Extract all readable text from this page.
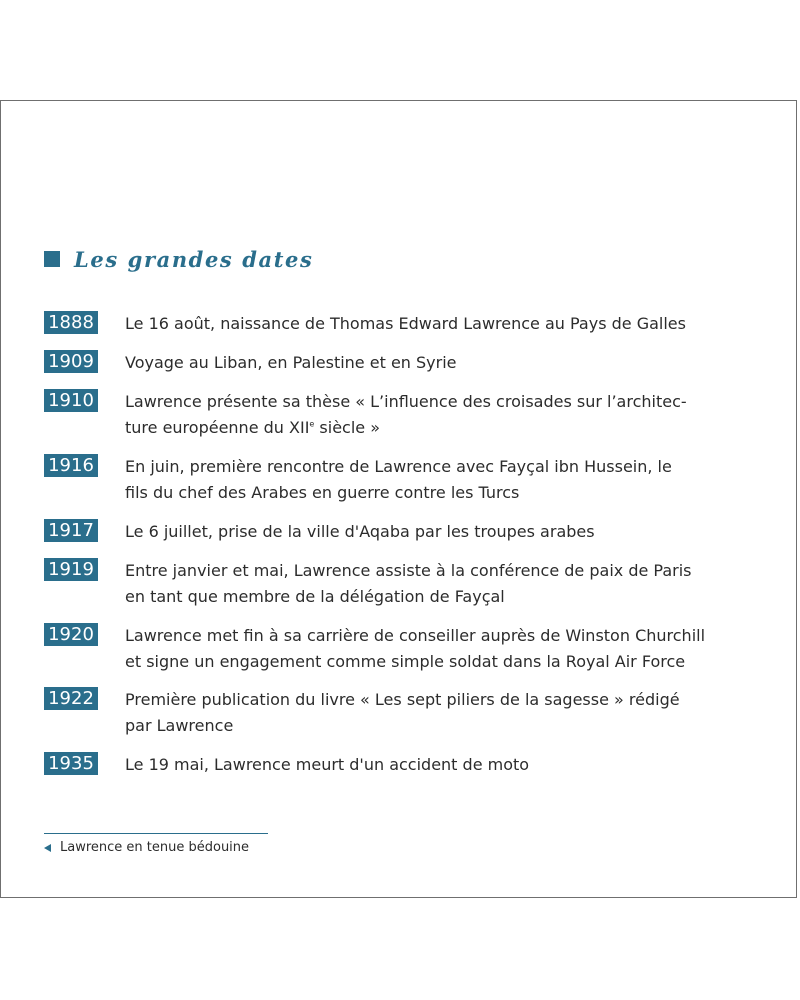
Les grandes dates
1888 Le 16 août, naissance de Thomas Edward Lawrence au Pays de Galles
1909 Voyage au Liban, en Palestine et en Syrie
1910 Lawrence présente sa thèse « L’influence des croisades sur l’architec-
ture européenne du XIIe siècle »
1916 En juin, première rencontre de Lawrence avec Fayçal ibn Hussein, le
fils du chef des Arabes en guerre contre les Turcs
1917 Le 6 juillet, prise de la ville d'Aqaba par les troupes arabes
1919 Entre janvier et mai, Lawrence assiste à la conférence de paix de Paris
en tant que membre de la délégation de Fayçal
1920 Lawrence met fin à sa carrière de conseiller auprès de Winston Churchill
et signe un engagement comme simple soldat dans la Royal Air Force
1922 Première publication du livre « Les sept piliers de la sagesse » rédigé
par Lawrence
1935 Le 19 mai, Lawrence meurt d'un accident de moto
Lawrence en tenue bédouine
